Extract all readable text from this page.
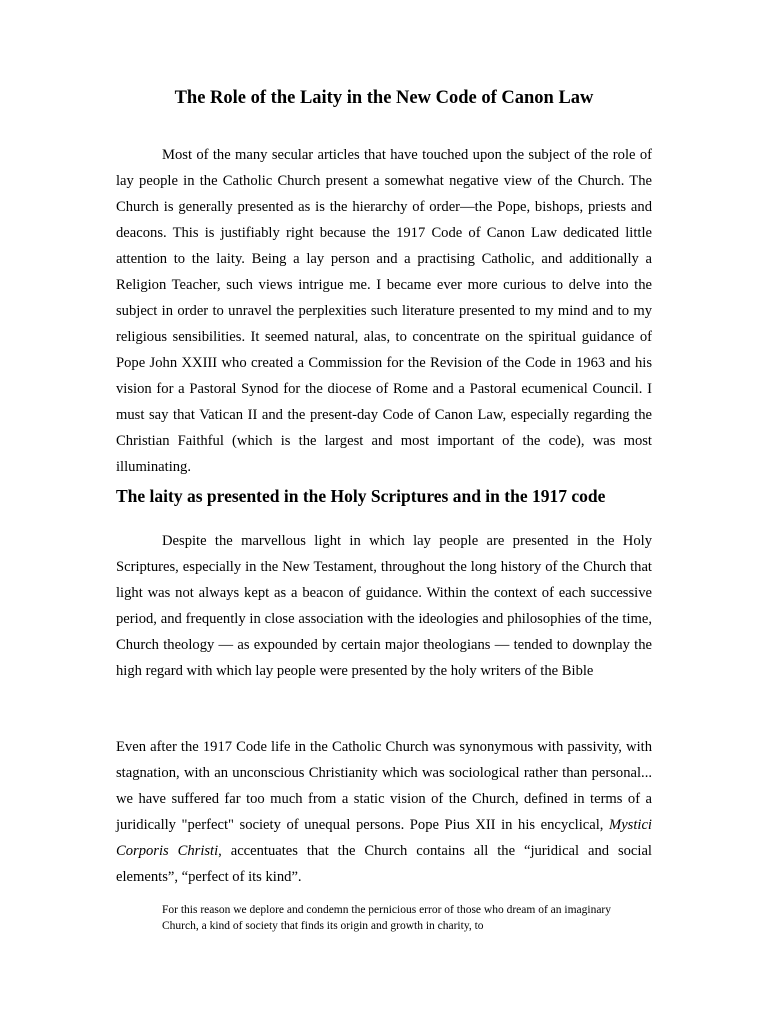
The Role of the Laity in the New Code of Canon Law

Most of the many secular articles that have touched upon the subject of the role of lay people in the Catholic Church present a somewhat negative view of the Church. The Church is generally presented as is the hierarchy of order—the Pope, bishops, priests and deacons. This is justifiably right because the 1917 Code of Canon Law dedicated little attention to the laity. Being a lay person and a practising Catholic, and additionally a Religion Teacher, such views intrigue me. I became ever more curious to delve into the subject in order to unravel the perplexities such literature presented to my mind and to my religious sensibilities. It seemed natural, alas, to concentrate on the spiritual guidance of Pope John XXIII who created a Commission for the Revision of the Code in 1963 and his vision for a Pastoral Synod for the diocese of Rome and a Pastoral ecumenical Council. I must say that Vatican II and the present-day Code of Canon Law, especially regarding the Christian Faithful (which is the largest and most important of the code), was most illuminating.

The laity as presented in the Holy Scriptures and in the 1917 code

Despite the marvellous light in which lay people are presented in the Holy Scriptures, especially in the New Testament, throughout the long history of the Church that light was not always kept as a beacon of guidance. Within the context of each successive period, and frequently in close association with the ideologies and philosophies of the time, Church theology — as expounded by certain major theologians — tended to downplay the high regard with which lay people were presented by the holy writers of the Bible

Even after the 1917 Code life in the Catholic Church was synonymous with passivity, with stagnation, with an unconscious Christianity which was sociological rather than personal... we have suffered far too much from a static vision of the Church, defined in terms of a juridically "perfect" society of unequal persons. Pope Pius XII in his encyclical, Mystici Corporis Christi, accentuates that the Church contains all the “juridical and social elements”, “perfect of its kind”.

For this reason we deplore and condemn the pernicious error of those who dream of an imaginary Church, a kind of society that finds its origin and growth in charity, to
